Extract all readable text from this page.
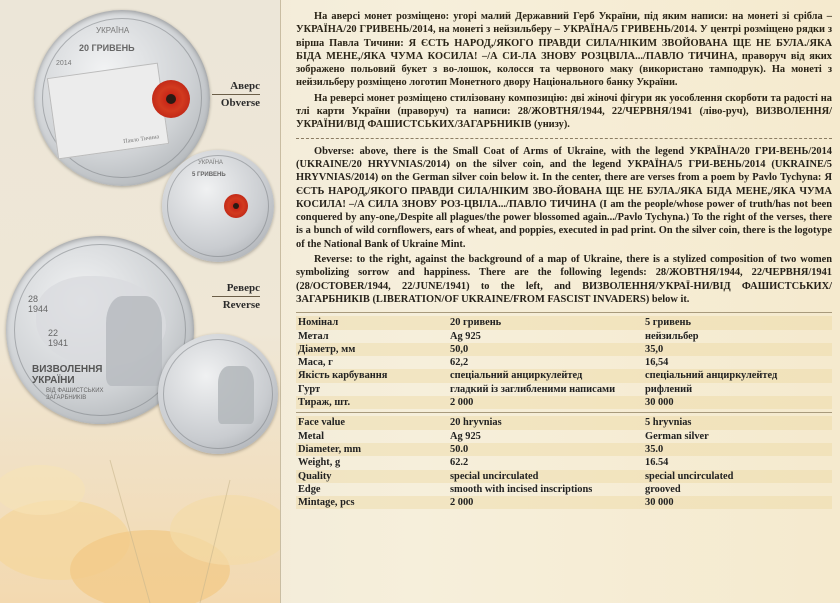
УКРАЇНА
20 ГРИВЕНЬ
2014
Павло Тичина
УКРАЇНА
5 ГРИВЕНЬ
Аверс
Obverse
28
1944
22
1941
ВИЗВОЛЕННЯ УКРАЇНИ
ВІД ФАШИСТСЬКИХ ЗАГАРБНИКІВ
Реверс
Reverse

На аверсі монет розміщено: угорі малий Державний Герб України, під яким написи: на монеті зі срібла – УКРАЇНА/20 ГРИВЕНЬ/2014, на монеті з нейзильберу – УКРАЇНА/5 ГРИВЕНЬ/2014. У центрі розміщено рядки з вірша Павла Тичини: Я ЄСТЬ НАРОД,/ЯКОГО ПРАВДИ СИЛА/НІКИМ ЗВОЙОВАНА ЩЕ НЕ БУЛА./ЯКА БІДА МЕНЕ,/ЯКА ЧУМА КОСИЛА! –/А СИ-ЛА ЗНОВУ РОЗЦВІЛА.../ПАВЛО ТИЧИНА, праворуч від яких зображено польовий букет з во-лошок, колосся та червоного маку (використано тамподрук). На монеті з нейзильберу розміщено логотип Монетного двору Національного банку України.

На реверсі монет розміщено стилізовану композицію: дві жіночі фігури як уособлення скорботи та радості на тлі карти України (праворуч) та написи: 28/ЖОВТНЯ/1944, 22/ЧЕРВНЯ/1941 (ліво-руч), ВИЗВОЛЕННЯ/УКРАЇНИ/ВІД ФАШИСТСЬКИХ/ЗАГАРБНИКІВ (унизу).

Obverse: above, there is the Small Coat of Arms of Ukraine, with the legend УКРАЇНА/20 ГРИ-ВЕНЬ/2014 (UKRAINE/20 HRYVNIAS/2014) on the silver coin, and the legend УКРАЇНА/5 ГРИ-ВЕНЬ/2014 (UKRAINE/5 HRYVNIAS/2014) on the German silver coin below it. In the center, there are verses from a poem by Pavlo Tychyna: Я ЄСТЬ НАРОД,/ЯКОГО ПРАВДИ СИЛА/НІКИМ ЗВО-ЙОВАНА ЩЕ НЕ БУЛА./ЯКА БІДА МЕНЕ,/ЯКА ЧУМА КОСИЛА! –/А СИЛА ЗНОВУ РОЗ-ЦВІЛА.../ПАВЛО ТИЧИНА (I am the people/whose power of truth/has not been conquered by any-one,/Despite all plagues/the power blossomed again.../Pavlo Tychyna.) To the right of the verses, there is a bunch of wild cornflowers, ears of wheat, and poppies, executed in pad print. On the silver coin, there is the logotype of the National Bank of Ukraine Mint.

Reverse: to the right, against the background of a map of Ukraine, there is a stylized composition of two women symbolizing sorrow and happiness. There are the following legends: 28/ЖОВТНЯ/1944, 22/ЧЕРВНЯ/1941 (28/OCTOBER/1944, 22/JUNE/1941) to the left, and ВИЗВОЛЕННЯ/УКРАЇ-НИ/ВІД ФАШИСТСЬКИХ/ЗАГАРБНИКІВ (LIBERATION/OF UKRAINE/FROM FASCIST INVADERS) below it.

Номінал	20 гривень	5 гривень
Метал	Ag 925	нейзильбер
Діаметр, мм	50,0	35,0
Маса, г	62,2	16,54
Якість карбування	спеціальний анциркулейтед	спеціальний анциркулейтед
Гурт	гладкий із заглибленими написами	рифлений
Тираж, шт.	2 000	30 000
Face value	20 hryvnias	5 hryvnias
Metal	Ag 925	German silver
Diameter, mm	50.0	35.0
Weight, g	62.2	16.54
Quality	special uncirculated	special uncirculated
Edge	smooth with incised inscriptions	grooved
Mintage, pcs	2 000	30 000
